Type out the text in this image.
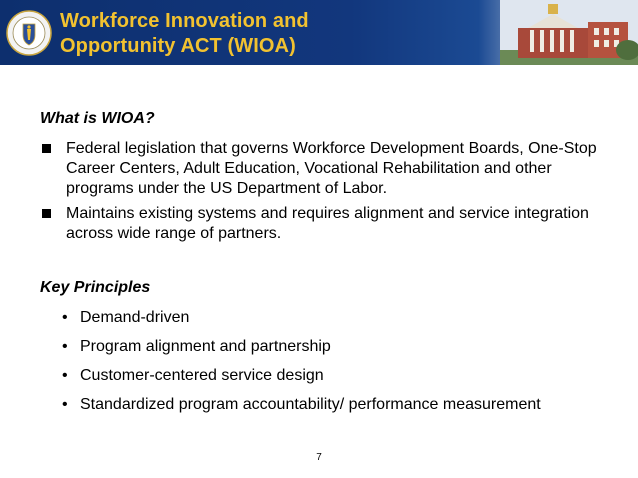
Workforce Innovation and
Opportunity ACT (WIOA)
What is WIOA?
Federal legislation that governs Workforce Development Boards, One-Stop Career Centers, Adult Education, Vocational Rehabilitation and other programs under the US Department of Labor.
Maintains existing systems and requires alignment and service integration across wide range of partners.
Key Principles
• Demand-driven
• Program alignment and partnership
• Customer-centered service design
• Standardized program accountability/ performance measurement
7
